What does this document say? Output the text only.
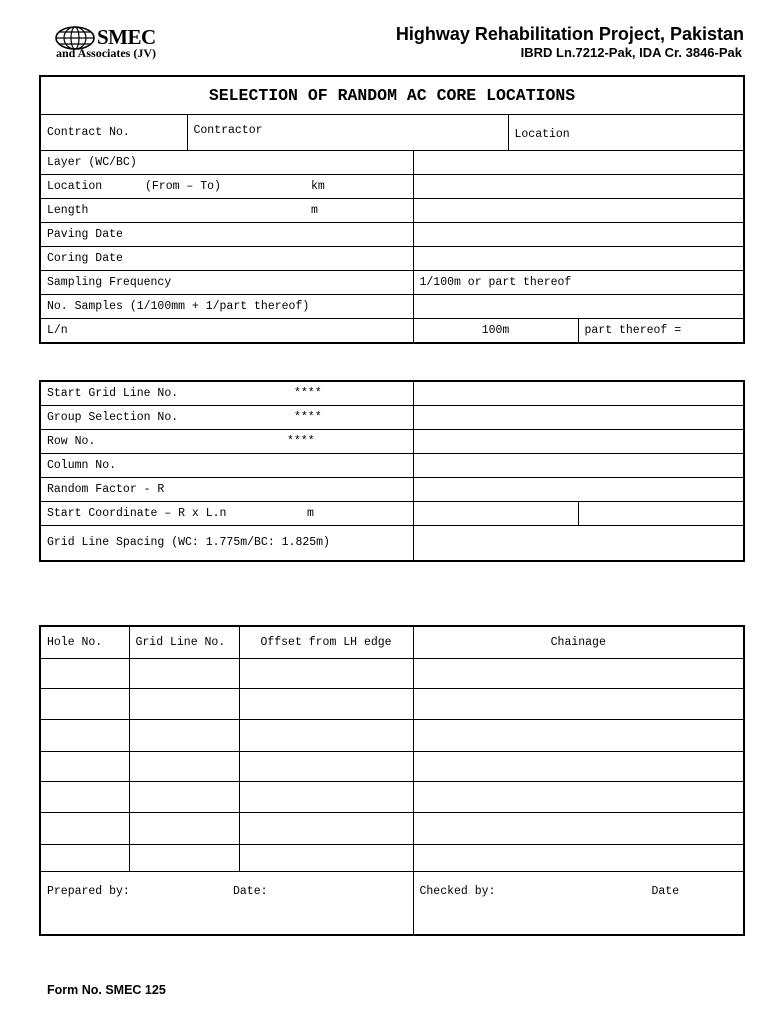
SMEC
and Associates (JV)
Highway Rehabilitation Project, Pakistan
IBRD Ln.7212-Pak, IDA Cr. 3846-Pak
SELECTION OF RANDOM AC CORE LOCATIONS				
Contract No.	Contractor		Location	
Layer (WC/BC)				
Location (From – To) km				
Length m				
Paving Date				
Coring Date				
Sampling Frequency		1/100m or part thereof		
No. Samples (1/100mm + 1/part thereof)				
L/n		100m		part thereof =
Start Grid Line No. ****		
Group Selection No. ****		
Row No. ****		
Column No.		
Random Factor - R		
Start Coordinate – R x L.n m		
Grid Line Spacing (WC: 1.775m/BC: 1.825m)		
Hole No.	Grid Line No.	Offset from LH edge	Chainage

Prepared by: Date:			Checked by: Date
Form No. SMEC 125
